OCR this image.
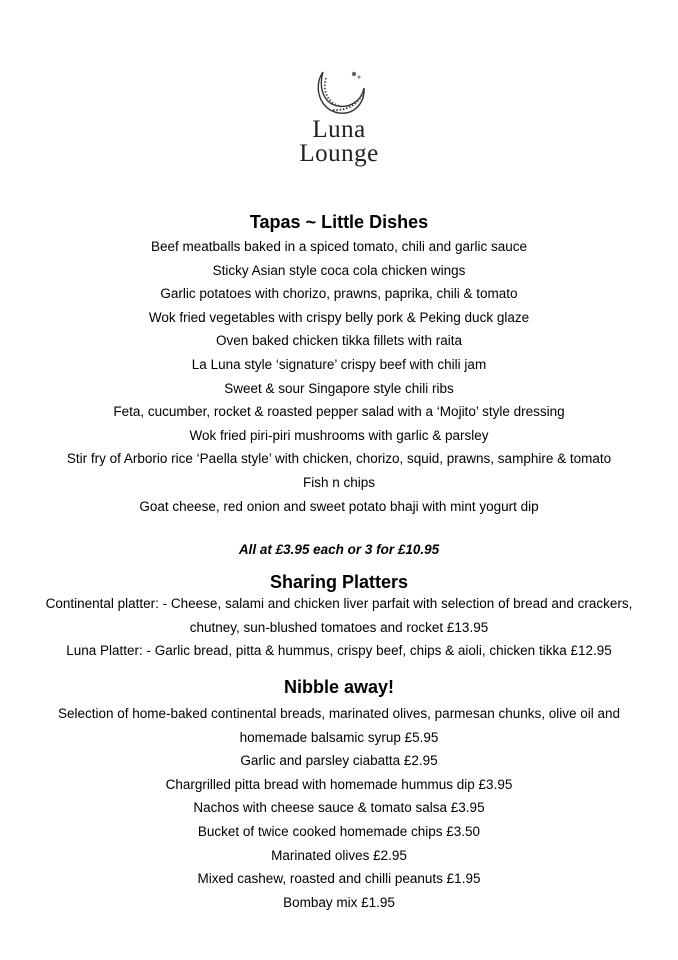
Luna
Lounge
Tapas ~ Little Dishes
Beef meatballs baked in a spiced tomato, chili and garlic sauce
Sticky Asian style coca cola chicken wings
Garlic potatoes with chorizo, prawns, paprika, chili & tomato
Wok fried vegetables with crispy belly pork & Peking duck glaze
Oven baked chicken tikka fillets with raita
La Luna style ‘signature’ crispy beef with chili jam
Sweet & sour Singapore style chili ribs
Feta, cucumber, rocket & roasted pepper salad with a ‘Mojito’ style dressing
Wok fried piri-piri mushrooms with garlic & parsley
Stir fry of Arborio rice ‘Paella style’ with chicken, chorizo, squid, prawns, samphire & tomato
Fish n chips
Goat cheese, red onion and sweet potato bhaji with mint yogurt dip
All at £3.95 each or 3 for £10.95
Sharing Platters
Continental platter: - Cheese, salami and chicken liver parfait with selection of bread and crackers,
chutney, sun-blushed tomatoes and rocket £13.95
Luna Platter: - Garlic bread, pitta & hummus, crispy beef, chips & aioli, chicken tikka £12.95
Nibble away!
Selection of home-baked continental breads, marinated olives, parmesan chunks, olive oil and
homemade balsamic syrup £5.95
Garlic and parsley ciabatta £2.95
Chargrilled pitta bread with homemade hummus dip £3.95
Nachos with cheese sauce & tomato salsa £3.95
Bucket of twice cooked homemade chips £3.50
Marinated olives £2.95
Mixed cashew, roasted and chilli peanuts £1.95
Bombay mix £1.95
